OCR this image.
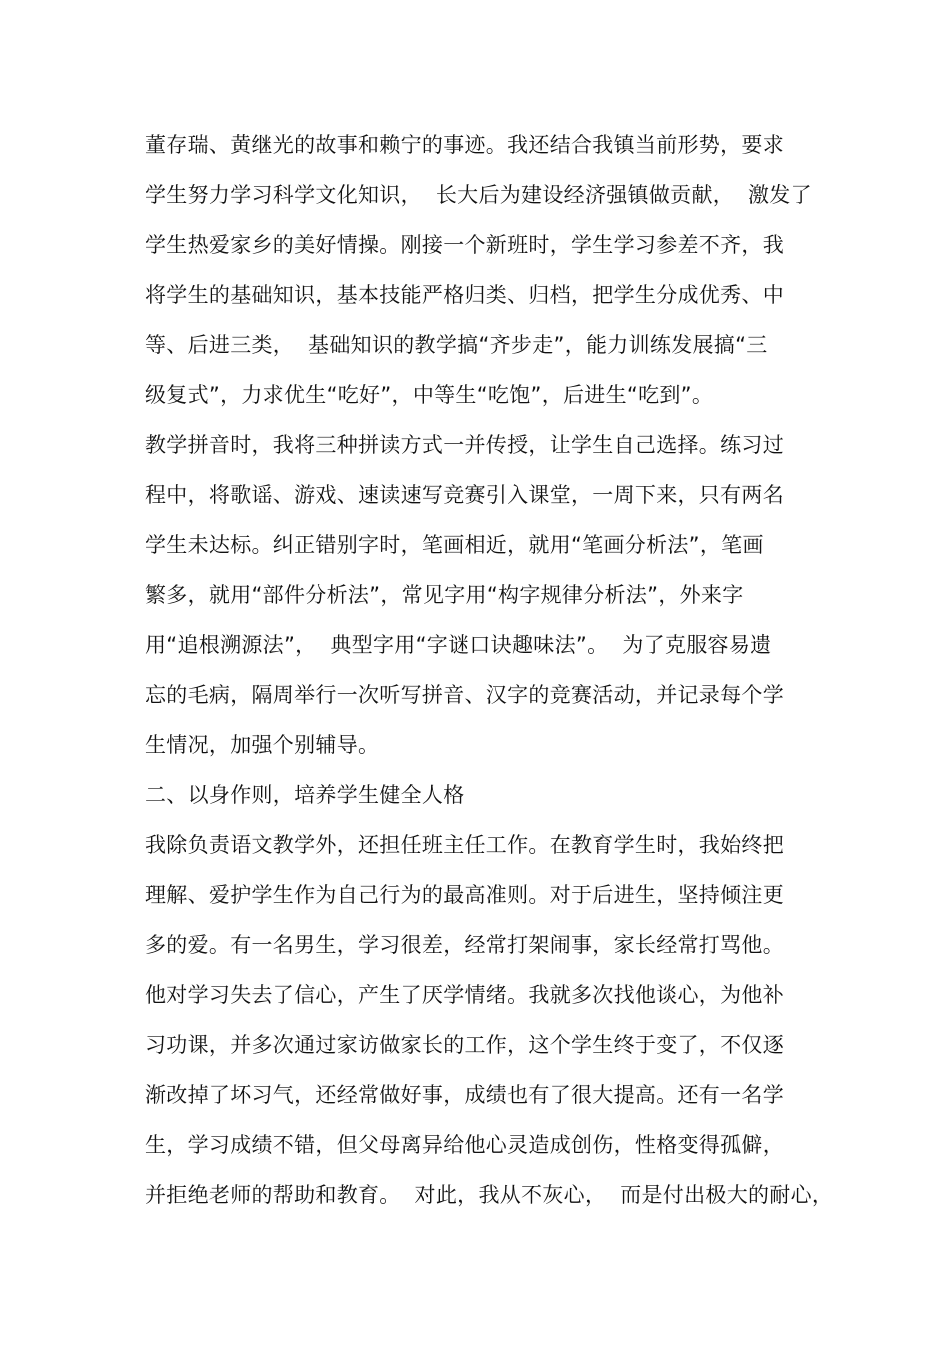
董存瑞、黄继光的故事和赖宁的事迹。我还结合我镇当前形势，要求
学生努力学习科学文化知识，  长大后为建设经济强镇做贡献，  激发了
学生热爱家乡的美好情操。刚接一个新班时，学生学习参差不齐，我
将学生的基础知识，基本技能严格归类、归档，把学生分成优秀、中
等、后进三类，  基础知识的教学搞“齐步走”，能力训练发展搞“三
级复式”，力求优生“吃好”，中等生“吃饱”，后进生“吃到”。
教学拼音时，我将三种拼读方式一并传授，让学生自己选择。练习过
程中，将歌谣、游戏、速读速写竞赛引入课堂，一周下来，只有两名
学生未达标。纠正错别字时，笔画相近，就用“笔画分析法”，笔画
繁多，就用“部件分析法”，常见字用“构字规律分析法”，外来字
用“追根溯源法”，  典型字用“字谜口诀趣味法”。  为了克服容易遗
忘的毛病，隔周举行一次听写拼音、汉字的竞赛活动，并记录每个学
生情况，加强个别辅导。
二、以身作则，培养学生健全人格
我除负责语文教学外，还担任班主任工作。在教育学生时，我始终把
理解、爱护学生作为自己行为的最高准则。对于后进生，坚持倾注更
多的爱。有一名男生，学习很差，经常打架闹事，家长经常打骂他。
他对学习失去了信心，产生了厌学情绪。我就多次找他谈心，为他补
习功课，并多次通过家访做家长的工作，这个学生终于变了，不仅逐
渐改掉了坏习气，还经常做好事，成绩也有了很大提高。还有一名学
生，学习成绩不错，但父母离异给他心灵造成创伤，性格变得孤僻，
并拒绝老师的帮助和教育。  对此，我从不灰心，  而是付出极大的耐心，
